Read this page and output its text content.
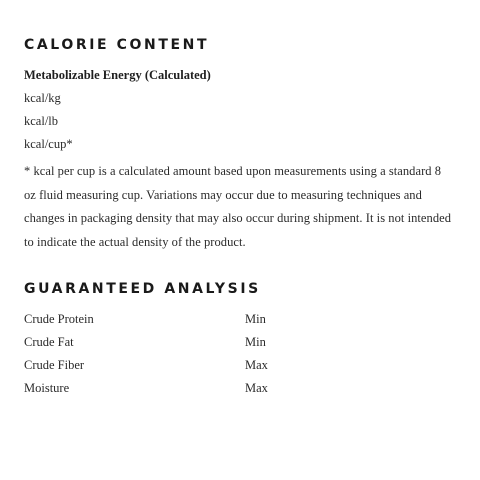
CALORIE CONTENT
Metabolizable Energy (Calculated)
kcal/kg
kcal/lb
kcal/cup*
* kcal per cup is a calculated amount based upon measurements using a standard 8 oz fluid measuring cup. Variations may occur due to measuring techniques and changes in packaging density that may also occur during shipment. It is not intended to indicate the actual density of the product.
GUARANTEED ANALYSIS
Crude Protein	Min
Crude Fat	Min
Crude Fiber	Max
Moisture	Max
